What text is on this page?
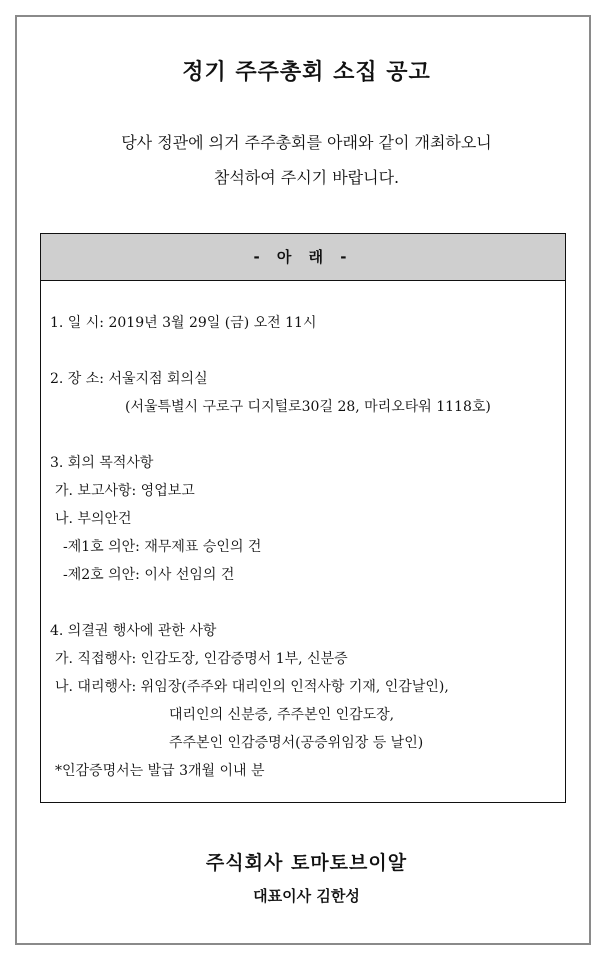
정기 주주총회 소집 공고
당사 정관에 의거 주주총회를 아래와 같이 개최하오니
참석하여 주시기 바랍니다.
- 아 래 -
1. 일 시: 2019년 3월 29일 (금) 오전 11시
2. 장 소: 서울지점 회의실
(서울특별시 구로구 디지털로30길 28, 마리오타워 1118호)
3. 회의 목적사항
가. 보고사항: 영업보고
나. 부의안건
-제1호 의안: 재무제표 승인의 건
-제2호 의안: 이사 선임의 건
4. 의결권 행사에 관한 사항
가. 직접행사: 인감도장, 인감증명서 1부, 신분증
나. 대리행사: 위임장(주주와 대리인의 인적사항 기재, 인감날인),
대리인의 신분증, 주주본인 인감도장,
주주본인 인감증명서(공증위임장 등 날인)
*인감증명서는 발급 3개월 이내 분
주식회사 토마토브이알
대표이사 김한성
